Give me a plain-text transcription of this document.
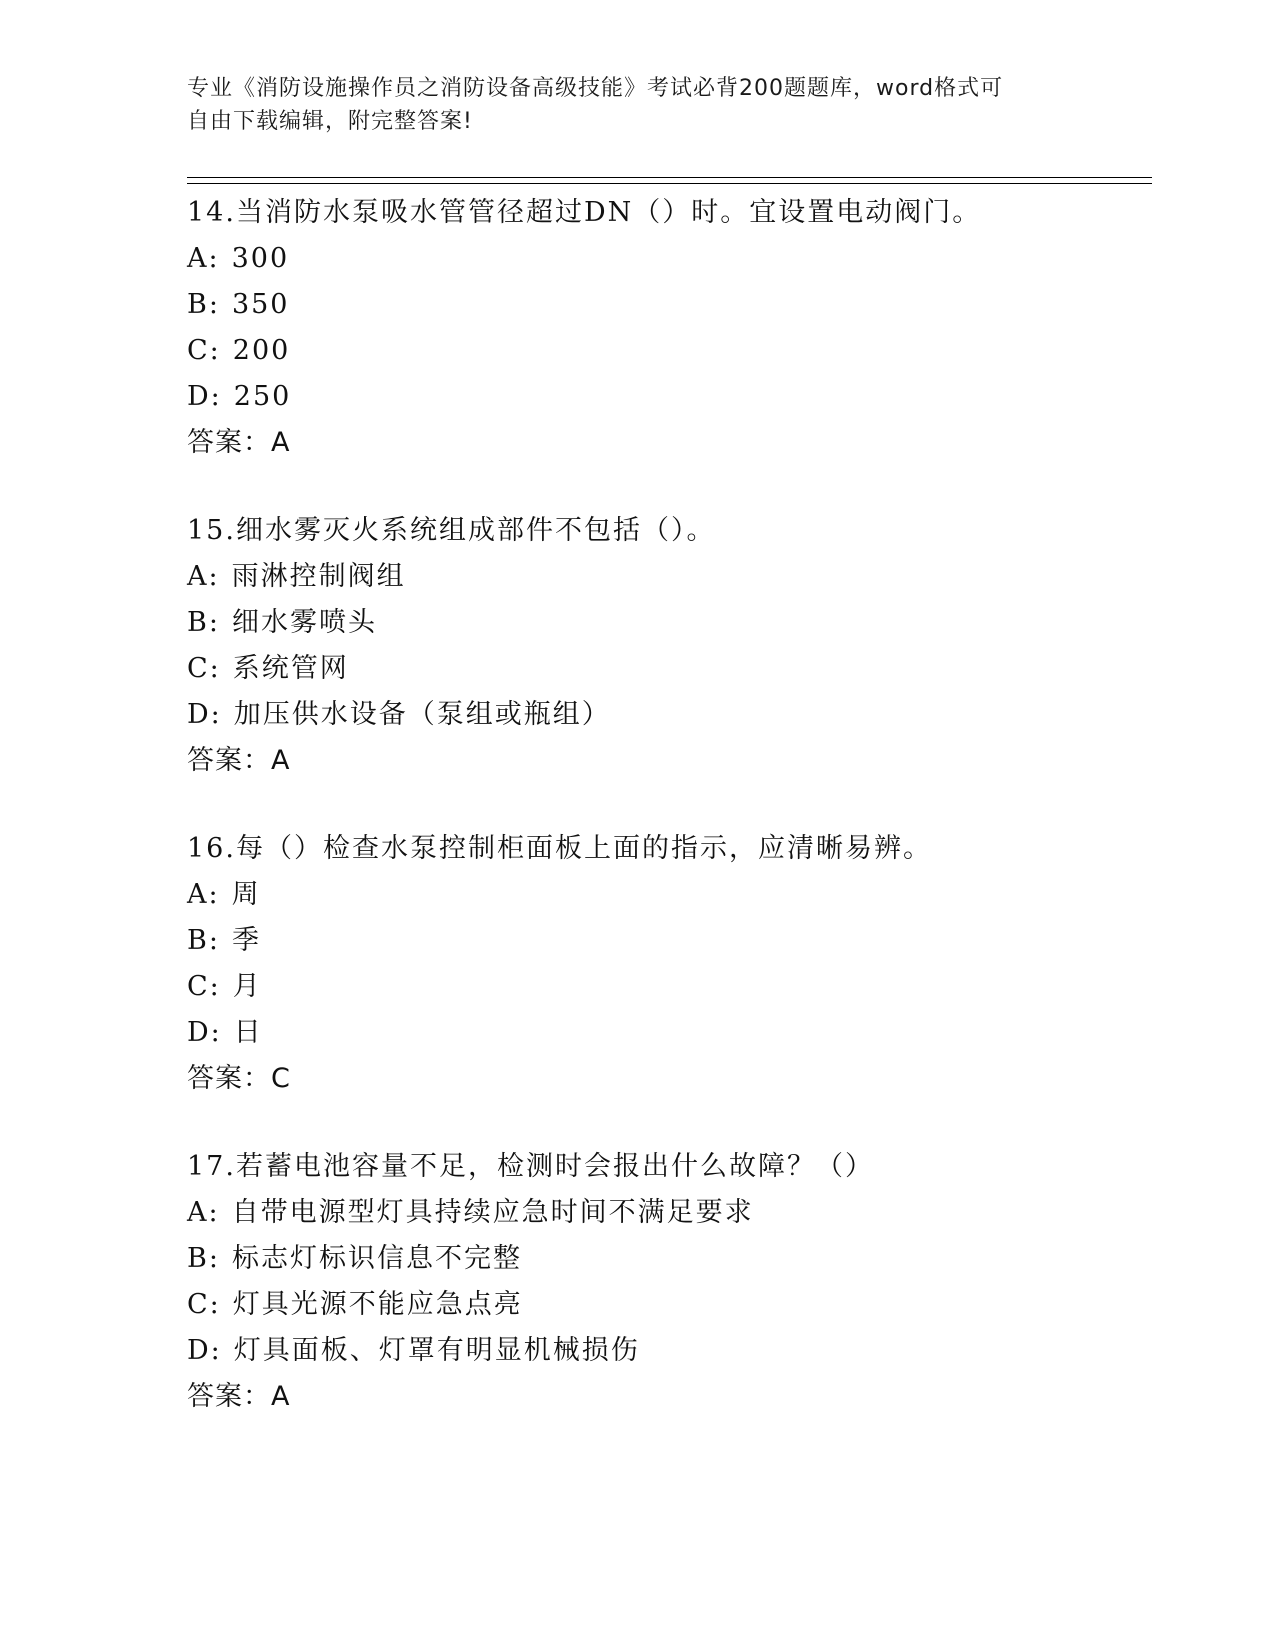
专业《消防设施操作员之消防设备高级技能》考试必背200题题库，word格式可
自由下载编辑，附完整答案!
14.当消防水泵吸水管管径超过DN（）时。宜设置电动阀门。
A: 300
B: 350
C: 200
D: 250
答案：A
15.细水雾灭火系统组成部件不包括（）。
A: 雨淋控制阀组
B: 细水雾喷头
C: 系统管网
D: 加压供水设备（泵组或瓶组）
答案：A
16.每（）检查水泵控制柜面板上面的指示，应清晰易辨。
A: 周
B: 季
C: 月
D: 日
答案：C
17.若蓄电池容量不足，检测时会报出什么故障？（）
A: 自带电源型灯具持续应急时间不满足要求
B: 标志灯标识信息不完整
C: 灯具光源不能应急点亮
D: 灯具面板、灯罩有明显机械损伤
答案：A
